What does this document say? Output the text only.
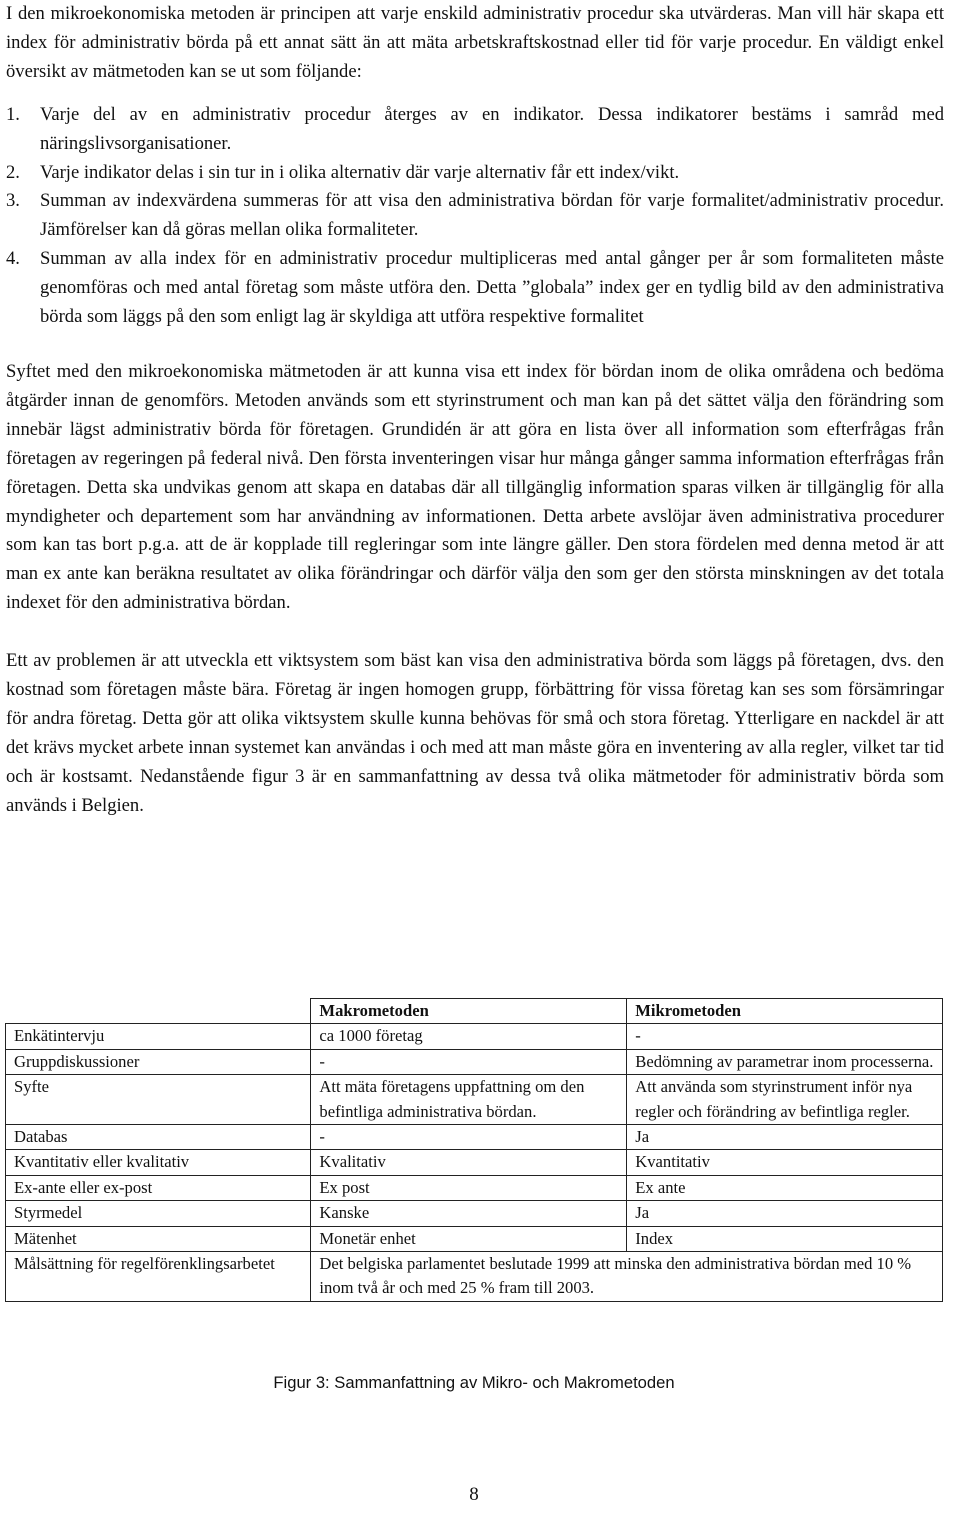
I den mikroekonomiska metoden är principen att varje enskild administrativ procedur ska utvärderas. Man vill här skapa ett index för administrativ börda på ett annat sätt än att mäta arbetskraftskostnad eller tid för varje procedur. En väldigt enkel översikt av mätmetoden kan se ut som följande:

1. Varje del av en administrativ procedur återges av en indikator. Dessa indikatorer bestäms i samråd med näringslivsorganisationer.
2. Varje indikator delas i sin tur in i olika alternativ där varje alternativ får ett index/vikt.
3. Summan av indexvärdena summeras för att visa den administrativa bördan för varje formalitet/administrativ procedur. Jämförelser kan då göras mellan olika formaliteter.
4. Summan av alla index för en administrativ procedur multipliceras med antal gånger per år som formaliteten måste genomföras och med antal företag som måste utföra den. Detta ”globala” index ger en tydlig bild av den administrativa börda som läggs på den som enligt lag är skyldiga att utföra respektive formalitet

Syftet med den mikroekonomiska mätmetoden är att kunna visa ett index för bördan inom de olika områdena och bedöma åtgärder innan de genomförs. Metoden används som ett styrinstrument och man kan på det sättet välja den förändring som innebär lägst administrativ börda för företagen. Grundidén är att göra en lista över all information som efterfrågas från företagen av regeringen på federal nivå. Den första inventeringen visar hur många gånger samma information efterfrågas från företagen. Detta ska undvikas genom att skapa en databas där all tillgänglig information sparas vilken är tillgänglig för alla myndigheter och departement som har användning av informationen. Detta arbete avslöjar även administrativa procedurer som kan tas bort p.g.a. att de är kopplade till regleringar som inte längre gäller. Den stora fördelen med denna metod är att man ex ante kan beräkna resultatet av olika förändringar och därför välja den som ger den största minskningen av det totala indexet för den administrativa bördan.

Ett av problemen är att utveckla ett viktsystem som bäst kan visa den administrativa börda som läggs på företagen, dvs. den kostnad som företagen måste bära. Företag är ingen homogen grupp, förbättring för vissa företag kan ses som försämringar för andra företag. Detta gör att olika viktsystem skulle kunna behövas för små och stora företag. Ytterligare en nackdel är att det krävs mycket arbete innan systemet kan användas i och med att man måste göra en inventering av alla regler, vilket tar tid och är kostsamt. Nedanstående figur 3 är en sammanfattning av dessa två olika mätmetoder för administrativ börda som används i Belgien.

	Makrometoden	Mikrometoden
Enkätintervju	ca 1000 företag	-
Gruppdiskussioner	-	Bedömning av parametrar inom processerna.
Syfte	Att mäta företagens uppfattning om den befintliga administrativa bördan.	Att använda som styrinstrument inför nya regler och förändring av befintliga regler.
Databas	-	Ja
Kvantitativ eller kvalitativ	Kvalitativ	Kvantitativ
Ex-ante eller ex-post	Ex post	Ex ante
Styrmedel	Kanske	Ja
Mätenhet	Monetär enhet	Index
Målsättning för regelförenklingsarbetet	Det belgiska parlamentet beslutade 1999 att minska den administrativa bördan med 10 % inom två år och med 25 % fram till 2003.	
Figur 3: Sammanfattning av Mikro- och Makrometoden
8
